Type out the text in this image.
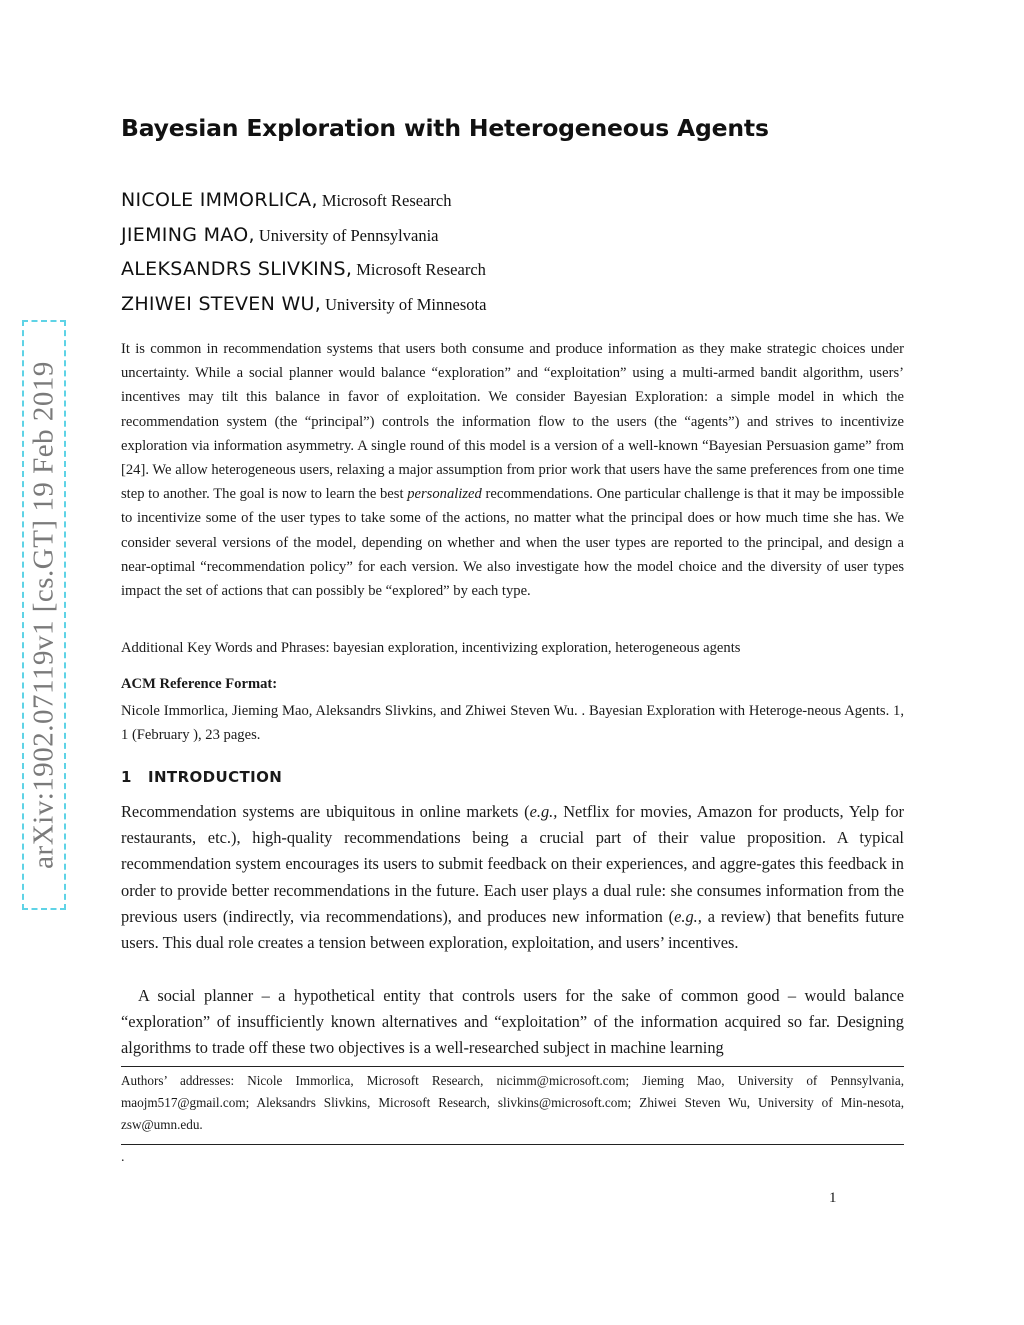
arXiv:1902.07119v1 [cs.GT] 19 Feb 2019
Bayesian Exploration with Heterogeneous Agents
NICOLE IMMORLICA, Microsoft Research
JIEMING MAO, University of Pennsylvania
ALEKSANDRS SLIVKINS, Microsoft Research
ZHIWEI STEVEN WU, University of Minnesota
It is common in recommendation systems that users both consume and produce information as they make strategic choices under uncertainty. While a social planner would balance “exploration” and “exploitation” using a multi-armed bandit algorithm, users’ incentives may tilt this balance in favor of exploitation. We consider Bayesian Exploration: a simple model in which the recommendation system (the “principal”) controls the information flow to the users (the “agents”) and strives to incentivize exploration via information asymmetry. A single round of this model is a version of a well-known “Bayesian Persuasion game” from [24]. We allow heterogeneous users, relaxing a major assumption from prior work that users have the same preferences from one time step to another. The goal is now to learn the best personalized recommendations. One particular challenge is that it may be impossible to incentivize some of the user types to take some of the actions, no matter what the principal does or how much time she has. We consider several versions of the model, depending on whether and when the user types are reported to the principal, and design a near-optimal “recommendation policy” for each version. We also investigate how the model choice and the diversity of user types impact the set of actions that can possibly be “explored” by each type.
Additional Key Words and Phrases: bayesian exploration, incentivizing exploration, heterogeneous agents
ACM Reference Format:
Nicole Immorlica, Jieming Mao, Aleksandrs Slivkins, and Zhiwei Steven Wu. . Bayesian Exploration with Heteroge-neous Agents. 1, 1 (February ), 23 pages.
1 INTRODUCTION

Recommendation systems are ubiquitous in online markets (e.g., Netflix for movies, Amazon for products, Yelp for restaurants, etc.), high-quality recommendations being a crucial part of their value proposition. A typical recommendation system encourages its users to submit feedback on their experiences, and aggre-gates this feedback in order to provide better recommendations in the future. Each user plays a dual rule: she consumes information from the previous users (indirectly, via recommendations), and produces new information (e.g., a review) that benefits future users. This dual role creates a tension between exploration, exploitation, and users’ incentives.

A social planner – a hypothetical entity that controls users for the sake of common good – would balance “exploration” of insufficiently known alternatives and “exploitation” of the information acquired so far. Designing algorithms to trade off these two objectives is a well-researched subject in machine learning

Authors’ addresses: Nicole Immorlica, Microsoft Research, nicimm@microsoft.com; Jieming Mao, University of Pennsylvania, maojm517@gmail.com; Aleksandrs Slivkins, Microsoft Research, slivkins@microsoft.com; Zhiwei Steven Wu, University of Min-nesota, zsw@umn.edu.
.
1
